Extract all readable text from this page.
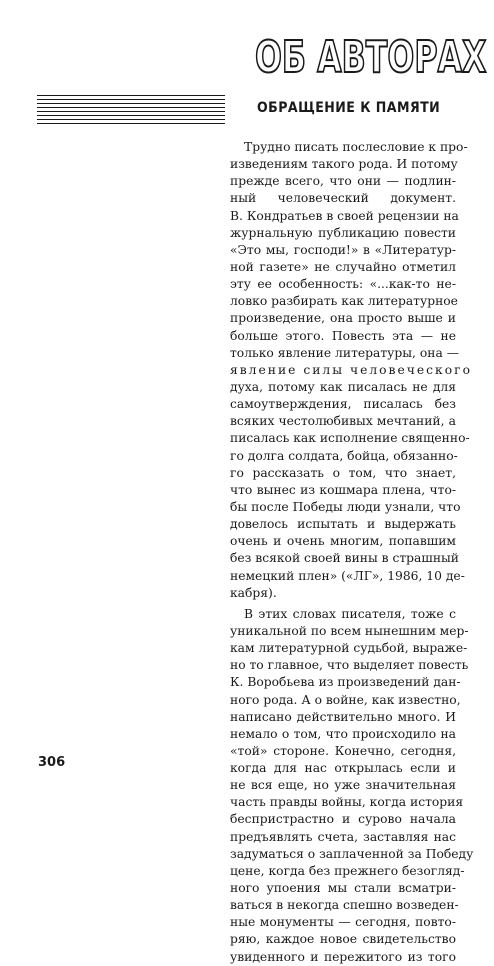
ОБ АВТОРАХ
ОБРАЩЕНИЕ К ПАМЯТИ
Трудно писать послесловие к про-
изведениям такого рода. И потому
прежде всего, что они — подлин-
ный человеческий документ.
В. Кондратьев в своей рецензии на
журнальную публикацию повести
«Это мы, господи!» в «Литератур-
ной газете» не случайно отметил
эту ее особенность: «...как-то не-
ловко разбирать как литературное
произведение, она просто выше и
больше этого. Повесть эта — не
только явление литературы, она —
явление силы человеческого
духа, потому как писалась не для
самоутверждения, писалась без
всяких честолюбивых мечтаний, а
писалась как исполнение священно-
го долга солдата, бойца, обязанно-
го рассказать о том, что знает,
что вынес из кошмара плена, что-
бы после Победы люди узнали, что
довелось испытать и выдержать
очень и очень многим, попавшим
без всякой своей вины в страшный
немецкий плен» («ЛГ», 1986, 10 де-
кабря).
В этих словах писателя, тоже с
уникальной по всем нынешним мер-
кам литературной судьбой, выраже-
но то главное, что выделяет повесть
К. Воробьева из произведений дан-
ного рода. А о войне, как известно,
написано действительно много. И
немало о том, что происходило на
«той» стороне. Конечно, сегодня,
когда для нас открылась если и
не вся еще, но уже значительная
часть правды войны, когда история
беспристрастно и сурово начала
предъявлять счета, заставляя нас
задуматься о заплаченной за Победу
цене, когда без прежнего безогляд-
ного упоения мы стали всматри-
ваться в некогда спешно возведен-
ные монументы — сегодня, повто-
ряю, каждое новое свидетельство
увиденного и пережитого из того
306
